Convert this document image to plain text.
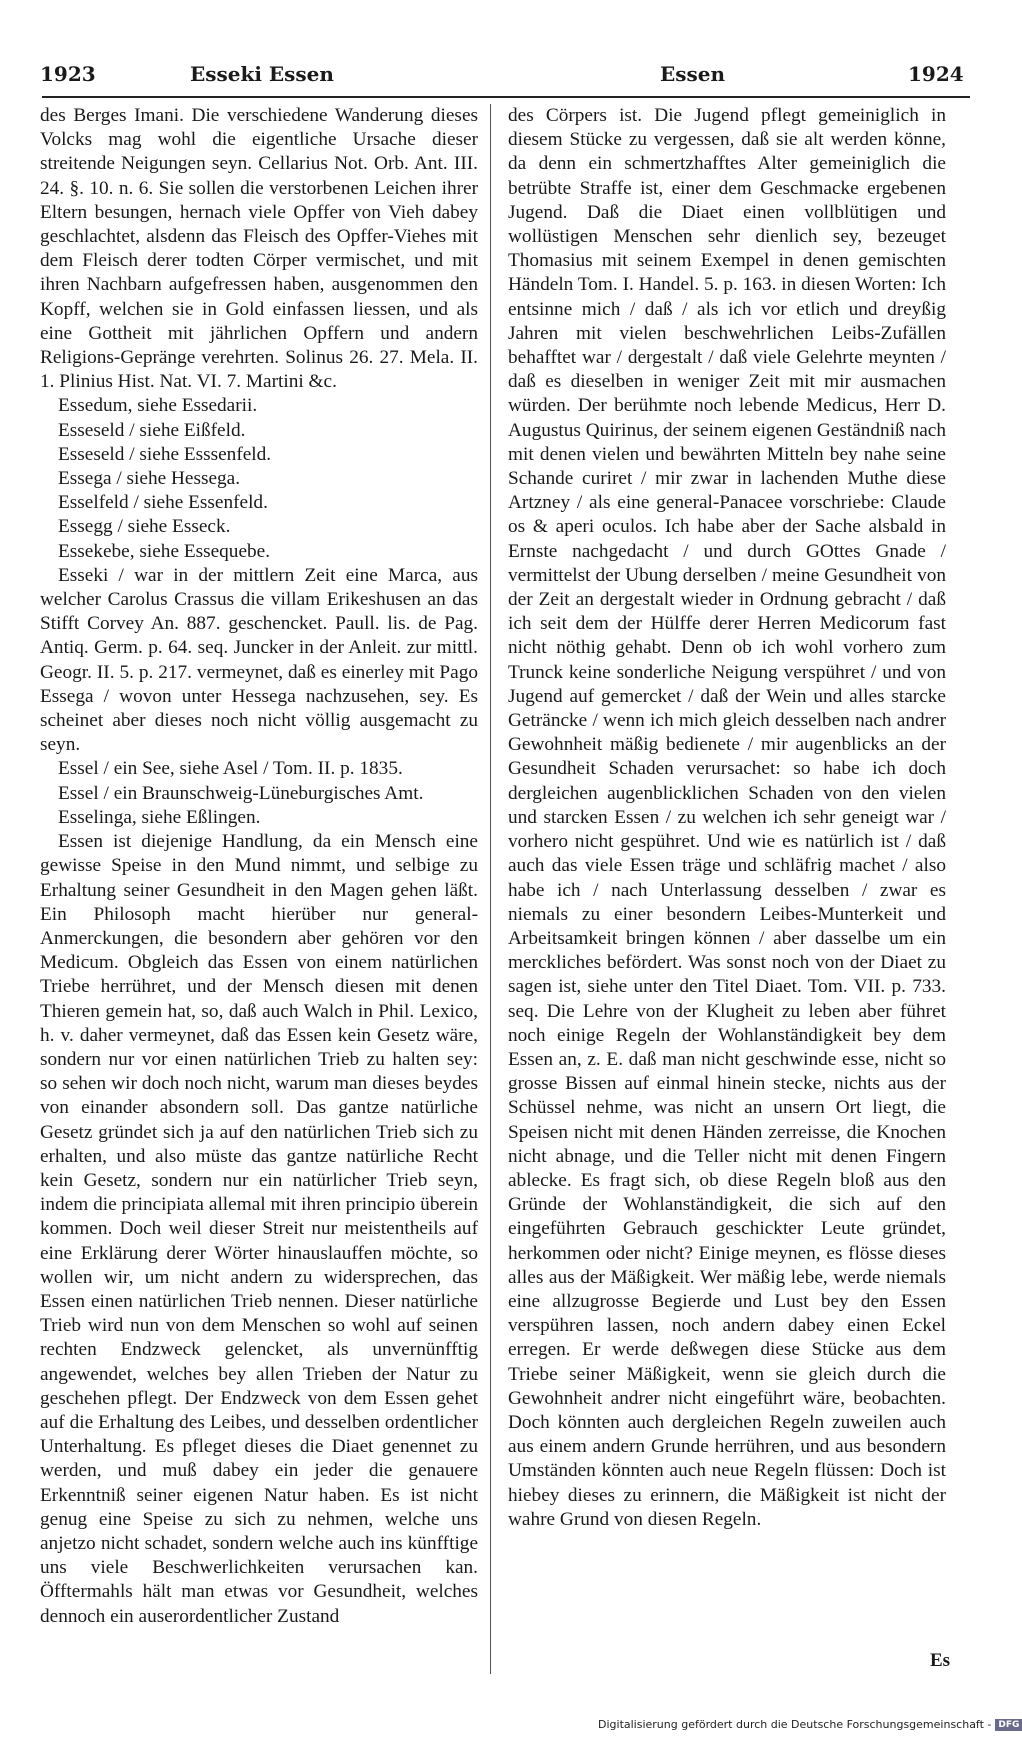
1923	Esseki Essen	Essen	1924

des Berges Imani. Die verschiedene Wanderung dieses Volcks mag wohl die eigentliche Ursache dieser streitende Neigungen seyn. Cellarius Not. Orb. Ant. III. 24. §. 10. n. 6. Sie sollen die verstorbenen Leichen ihrer Eltern besungen, hernach viele Opffer von Vieh dabey geschlachtet, alsdenn das Fleisch des Opffer-Viehes mit dem Fleisch derer todten Cörper vermischet, und mit ihren Nachbarn aufgefressen haben, ausgenommen den Kopff, welchen sie in Gold einfassen liessen, und als eine Gottheit mit jährlichen Opffern und andern Religions-Gepränge verehrten. Solinus 26. 27. Mela. II. 1. Plinius Hist. Nat. VI. 7. Martini &c.

Essedum, siehe Essedarii.

Esseseld / siehe Eißfeld.

Esseseld / siehe Esssenfeld.

Essega / siehe Hessega.

Esselfeld / siehe Essenfeld.

Essegg / siehe Esseck.

Essekebe, siehe Essequebe.

Esseki / war in der mittlern Zeit eine Marca, aus welcher Carolus Crassus die villam Erikeshusen an das Stifft Corvey An. 887. geschencket. Paull. lis. de Pag. Antiq. Germ. p. 64. seq. Juncker in der Anleit. zur mittl. Geogr. II. 5. p. 217. vermeynet, daß es einerley mit Pago Essega / wovon unter Hessega nachzusehen, sey. Es scheinet aber dieses noch nicht völlig ausgemacht zu seyn.

Essel / ein See, siehe Asel / Tom. II. p. 1835.

Essel / ein Braunschweig-Lüneburgisches Amt.

Esselinga, siehe Eßlingen.

Essen ist diejenige Handlung, da ein Mensch eine gewisse Speise in den Mund nimmt, und selbige zu Erhaltung seiner Gesundheit in den Magen gehen läßt. Ein Philosoph macht hierüber nur general-Anmerckungen, die besondern aber gehören vor den Medicum. Obgleich das Essen von einem natürlichen Triebe herrühret, und der Mensch diesen mit denen Thieren gemein hat, so, daß auch Walch in Phil. Lexico, h. v. daher vermeynet, daß das Essen kein Gesetz wäre, sondern nur vor einen natürlichen Trieb zu halten sey: so sehen wir doch noch nicht, warum man dieses beydes von einander absondern soll. Das gantze natürliche Gesetz gründet sich ja auf den natürlichen Trieb sich zu erhalten, und also müste das gantze natürliche Recht kein Gesetz, sondern nur ein natürlicher Trieb seyn, indem die principiata allemal mit ihren principio überein kommen. Doch weil dieser Streit nur meistentheils auf eine Erklärung derer Wörter hinauslauffen möchte, so wollen wir, um nicht andern zu widersprechen, das Essen einen natürlichen Trieb nennen. Dieser natürliche Trieb wird nun von dem Menschen so wohl auf seinen rechten Endzweck gelencket, als unvernünfftig angewendet, welches bey allen Trieben der Natur zu geschehen pflegt. Der Endzweck von dem Essen gehet auf die Erhaltung des Leibes, und desselben ordentlicher Unterhaltung. Es pfleget dieses die Diaet genennet zu werden, und muß dabey ein jeder die genauere Erkenntniß seiner eigenen Natur haben. Es ist nicht genug eine Speise zu sich zu nehmen, welche uns anjetzo nicht schadet, sondern welche auch ins künfftige uns viele Beschwerlichkeiten verursachen kan. Öfftermahls hält man etwas vor Gesundheit, welches dennoch ein auserordentlicher Zustand

des Cörpers ist. Die Jugend pflegt gemeiniglich in diesem Stücke zu vergessen, daß sie alt werden könne, da denn ein schmertzhafftes Alter gemeiniglich die betrübte Straffe ist, einer dem Geschmacke ergebenen Jugend. Daß die Diaet einen vollblütigen und wollüstigen Menschen sehr dienlich sey, bezeuget Thomasius mit seinem Exempel in denen gemischten Händeln Tom. I. Handel. 5. p. 163. in diesen Worten: Ich entsinne mich / daß / als ich vor etlich und dreyßig Jahren mit vielen beschwehrlichen Leibs-Zufällen behafftet war / dergestalt / daß viele Gelehrte meynten / daß es dieselben in weniger Zeit mit mir ausmachen würden. Der berühmte noch lebende Medicus, Herr D. Augustus Quirinus, der seinem eigenen Geständniß nach mit denen vielen und bewährten Mitteln bey nahe seine Schande curiret / mir zwar in lachenden Muthe diese Artzney / als eine general-Panacee vorschriebe: Claude os & aperi oculos. Ich habe aber der Sache alsbald in Ernste nachgedacht / und durch GOttes Gnade / vermittelst der Ubung derselben / meine Gesundheit von der Zeit an dergestalt wieder in Ordnung gebracht / daß ich seit dem der Hülffe derer Herren Medicorum fast nicht nöthig gehabt. Denn ob ich wohl vorhero zum Trunck keine sonderliche Neigung verspühret / und von Jugend auf gemercket / daß der Wein und alles starcke Geträncke / wenn ich mich gleich desselben nach andrer Gewohnheit mäßig bedienete / mir augenblicks an der Gesundheit Schaden verursachet: so habe ich doch dergleichen augenblicklichen Schaden von den vielen und starcken Essen / zu welchen ich sehr geneigt war / vorhero nicht gespühret. Und wie es natürlich ist / daß auch das viele Essen träge und schläfrig machet / also habe ich / nach Unterlassung desselben / zwar es niemals zu einer besondern Leibes-Munterkeit und Arbeitsamkeit bringen können / aber dasselbe um ein merckliches befördert. Was sonst noch von der Diaet zu sagen ist, siehe unter den Titel Diaet. Tom. VII. p. 733. seq. Die Lehre von der Klugheit zu leben aber führet noch einige Regeln der Wohlanständigkeit bey dem Essen an, z. E. daß man nicht geschwinde esse, nicht so grosse Bissen auf einmal hinein stecke, nichts aus der Schüssel nehme, was nicht an unsern Ort liegt, die Speisen nicht mit denen Händen zerreisse, die Knochen nicht abnage, und die Teller nicht mit denen Fingern ablecke. Es fragt sich, ob diese Regeln bloß aus den Gründe der Wohlanständigkeit, die sich auf den eingeführten Gebrauch geschickter Leute gründet, herkommen oder nicht? Einige meynen, es flösse dieses alles aus der Mäßigkeit. Wer mäßig lebe, werde niemals eine allzugrosse Begierde und Lust bey den Essen verspühren lassen, noch andern dabey einen Eckel erregen. Er werde deßwegen diese Stücke aus dem Triebe seiner Mäßigkeit, wenn sie gleich durch die Gewohnheit andrer nicht eingeführt wäre, beobachten. Doch könnten auch dergleichen Regeln zuweilen auch aus einem andern Grunde herrühren, und aus besondern Umständen könnten auch neue Regeln flüssen: Doch ist hiebey dieses zu erinnern, die Mäßigkeit ist nicht der wahre Grund von diesen Regeln.

Es
Digitalisierung gefördert durch die Deutsche Forschungsgemeinschaft - DFG
